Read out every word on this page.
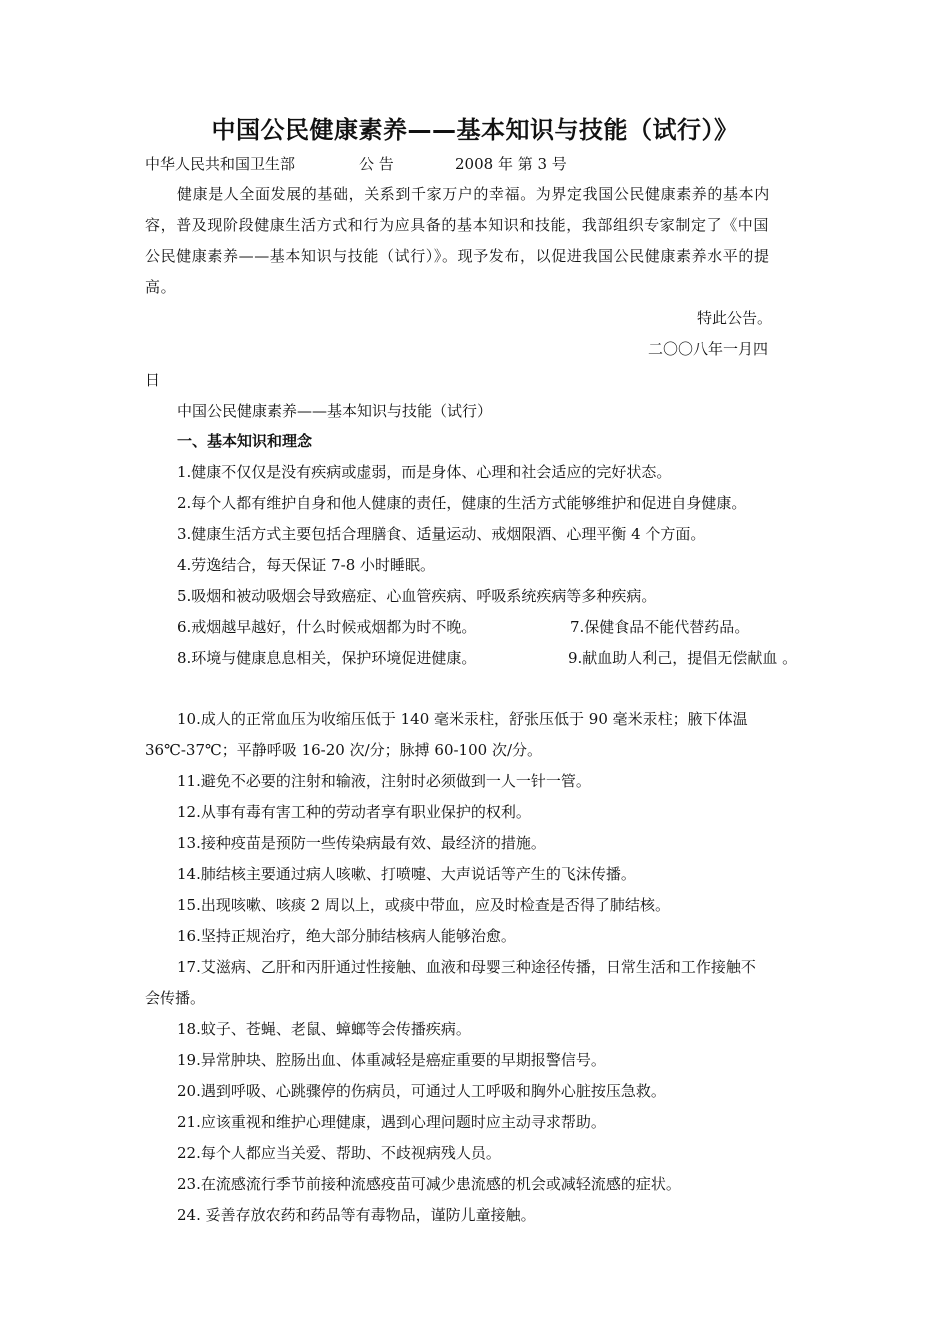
中国公民健康素养——基本知识与技能（试行）》
中华人民共和国卫生部	公 告	2008 年 第 3 号
健康是人全面发展的基础，关系到千家万户的幸福。为界定我国公民健康素养的基本内
容，普及现阶段健康生活方式和行为应具备的基本知识和技能，我部组织专家制定了《中国
公民健康素养——基本知识与技能（试行）》。现予发布，以促进我国公民健康素养水平的提
高。
特此公告。
二〇〇八年一月四
日
中国公民健康素养——基本知识与技能（试行）
一、基本知识和理念
1.健康不仅仅是没有疾病或虚弱，而是身体、心理和社会适应的完好状态。
2.每个人都有维护自身和他人健康的责任，健康的生活方式能够维护和促进自身健康。
3.健康生活方式主要包括合理膳食、适量运动、戒烟限酒、心理平衡 4 个方面。
4.劳逸结合，每天保证 7-8 小时睡眠。
5.吸烟和被动吸烟会导致癌症、心血管疾病、呼吸系统疾病等多种疾病。
6.戒烟越早越好，什么时候戒烟都为时不晚。	7.保健食品不能代替药品。
8.环境与健康息息相关，保护环境促进健康。	9.献血助人利己，提倡无偿献血 。
10.成人的正常血压为收缩压低于 140 毫米汞柱，舒张压低于 90 毫米汞柱；腋下体温
36℃-37℃；平静呼吸 16-20 次/分；脉搏 60-100 次/分。
11.避免不必要的注射和输液，注射时必须做到一人一针一管。
12.从事有毒有害工种的劳动者享有职业保护的权利。
13.接种疫苗是预防一些传染病最有效、最经济的措施。
14.肺结核主要通过病人咳嗽、打喷嚏、大声说话等产生的飞沫传播。
15.出现咳嗽、咳痰 2 周以上，或痰中带血，应及时检查是否得了肺结核。
16.坚持正规治疗，绝大部分肺结核病人能够治愈。
17.艾滋病、乙肝和丙肝通过性接触、血液和母婴三种途径传播，日常生活和工作接触不
会传播。
18.蚊子、苍蝇、老鼠、蟑螂等会传播疾病。
19.异常肿块、腔肠出血、体重减轻是癌症重要的早期报警信号。
20.遇到呼吸、心跳骤停的伤病员，可通过人工呼吸和胸外心脏按压急救。
21.应该重视和维护心理健康，遇到心理问题时应主动寻求帮助。
22.每个人都应当关爱、帮助、不歧视病残人员。
23.在流感流行季节前接种流感疫苗可减少患流感的机会或减轻流感的症状。
24. 妥善存放农药和药品等有毒物品，谨防儿童接触。
